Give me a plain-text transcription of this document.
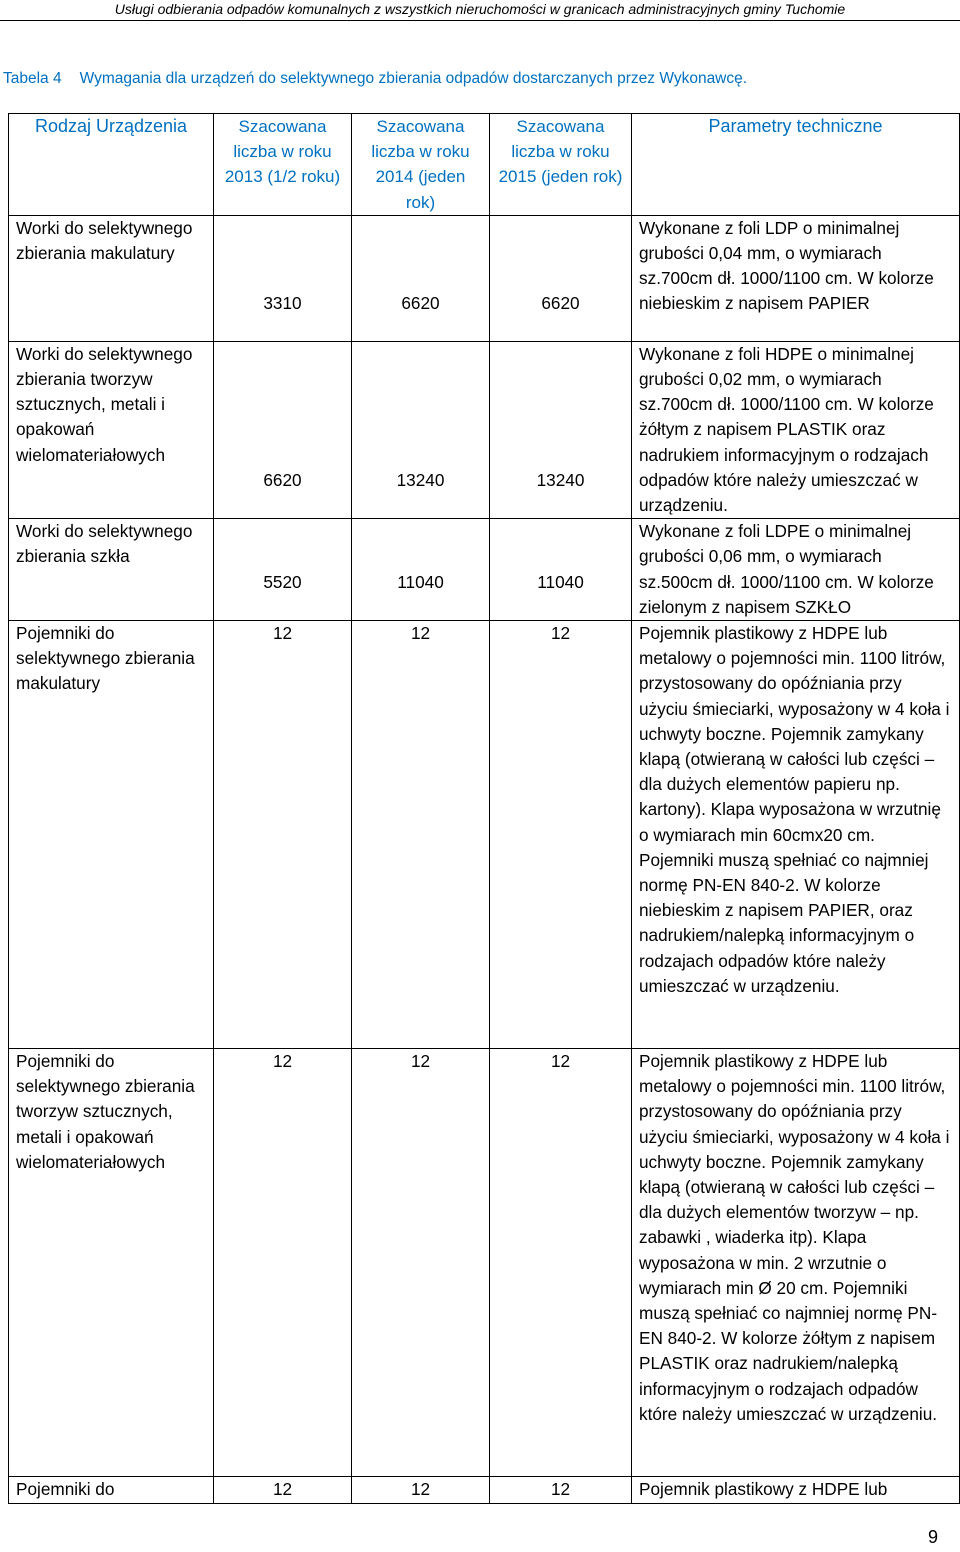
Usługi odbierania odpadów komunalnych z wszystkich nieruchomości w granicach administracyjnych gminy Tuchomie
Tabela 4 Wymagania dla urządzeń do selektywnego zbierania odpadów dostarczanych przez Wykonawcę.
Rodzaj Urządzenia	Szacowana liczba w roku 2013 (1/2 roku)	Szacowana liczba w roku 2014 (jeden rok)	Szacowana liczba w roku 2015 (jeden rok)	Parametry techniczne
Worki do selektywnego zbierania makulatury	3310	6620	6620	Wykonane z foli LDP o minimalnej grubości 0,04 mm, o wymiarach sz.700cm dł. 1000/1100 cm. W kolorze niebieskim z napisem PAPIER
Worki do selektywnego zbierania tworzyw sztucznych, metali i opakowań wielomateriałowych	6620	13240	13240	Wykonane z foli HDPE o minimalnej grubości 0,02 mm, o wymiarach sz.700cm dł. 1000/1100 cm. W kolorze żółtym z napisem PLASTIK oraz nadrukiem informacyjnym o rodzajach odpadów które należy umieszczać w urządzeniu.
Worki do selektywnego zbierania szkła	5520	11040	11040	Wykonane z foli LDPE o minimalnej grubości 0,06 mm, o wymiarach sz.500cm dł. 1000/1100 cm. W kolorze zielonym z napisem SZKŁO
Pojemniki do selektywnego zbierania makulatury	12	12	12	Pojemnik plastikowy z HDPE lub metalowy o pojemności min. 1100 litrów, przystosowany do opóźniania przy użyciu śmieciarki, wyposażony w 4 koła i uchwyty boczne. Pojemnik zamykany klapą (otwieraną w całości lub części – dla dużych elementów papieru np. kartony). Klapa wyposażona w wrzutnię o wymiarach min 60cmx20 cm. Pojemniki muszą spełniać co najmniej normę PN-EN 840-2. W kolorze niebieskim z napisem PAPIER, oraz nadrukiem/nalepką informacyjnym o rodzajach odpadów które należy umieszczać w urządzeniu.
Pojemniki do selektywnego zbierania tworzyw sztucznych, metali i opakowań wielomateriałowych	12	12	12	Pojemnik plastikowy z HDPE lub metalowy o pojemności min. 1100 litrów, przystosowany do opóźniania przy użyciu śmieciarki, wyposażony w 4 koła i uchwyty boczne. Pojemnik zamykany klapą (otwieraną w całości lub części – dla dużych elementów tworzyw – np. zabawki , wiaderka itp). Klapa wyposażona w min. 2 wrzutnie o wymiarach min Ø 20 cm. Pojemniki muszą spełniać co najmniej normę PN-EN 840-2. W kolorze żółtym z napisem PLASTIK oraz nadrukiem/nalepką informacyjnym o rodzajach odpadów które należy umieszczać w urządzeniu.
Pojemniki do	12	12	12	Pojemnik plastikowy z HDPE lub
9
